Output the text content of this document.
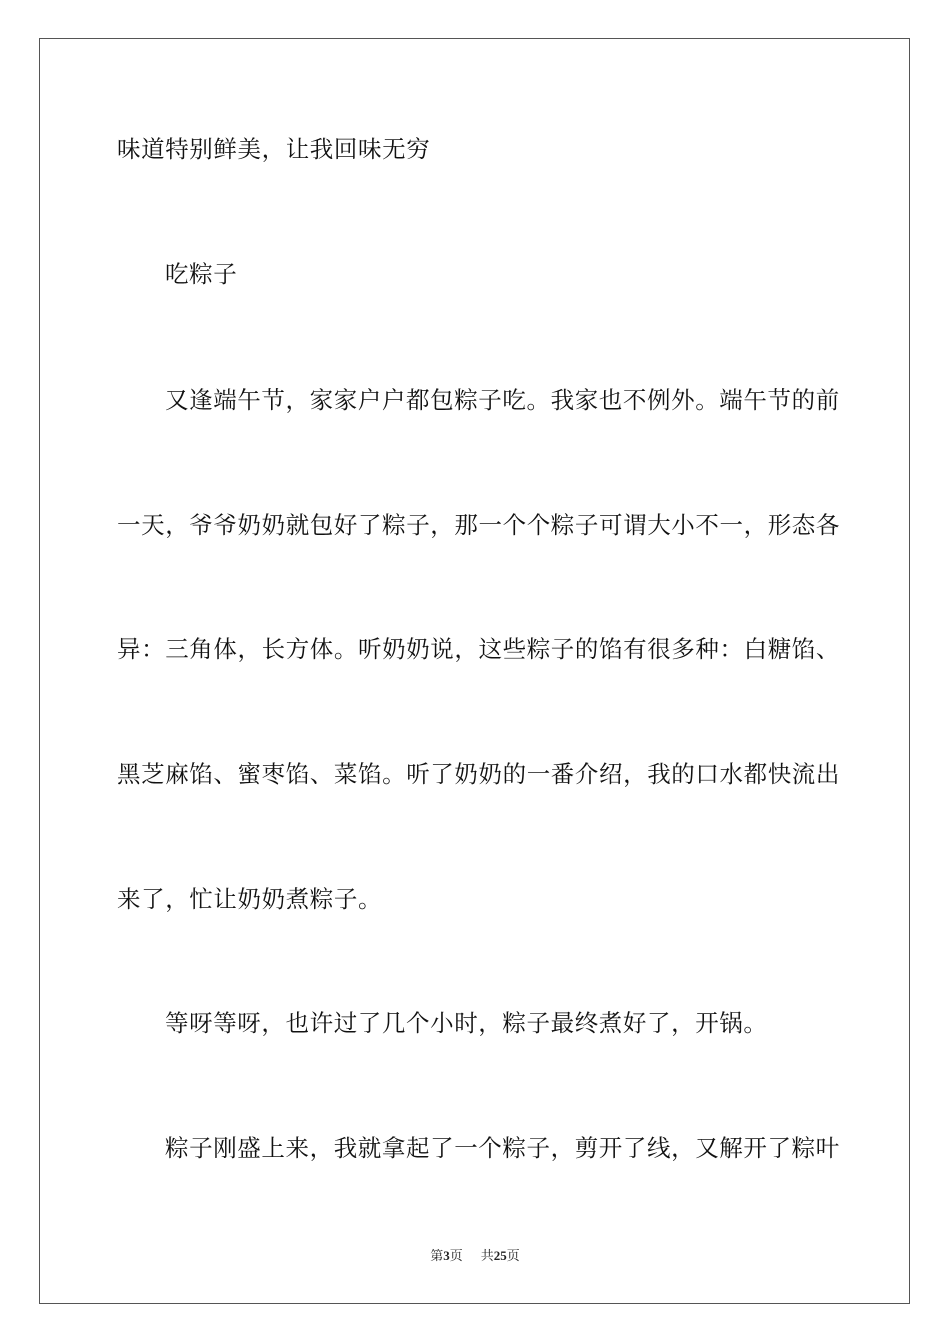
味道特别鲜美，让我回味无穷
吃粽子
又逢端午节，家家户户都包粽子吃。我家也不例外。端午节的前
一天，爷爷奶奶就包好了粽子，那一个个粽子可谓大小不一，形态各
异：三角体，长方体。听奶奶说，这些粽子的馅有很多种：白糖馅、
黑芝麻馅、蜜枣馅、菜馅。听了奶奶的一番介绍，我的口水都快流出
来了，忙让奶奶煮粽子。
等呀等呀，也许过了几个小时，粽子最终煮好了，开锅。
粽子刚盛上来，我就拿起了一个粽子，剪开了线，又解开了粽叶
第3页 共25页
